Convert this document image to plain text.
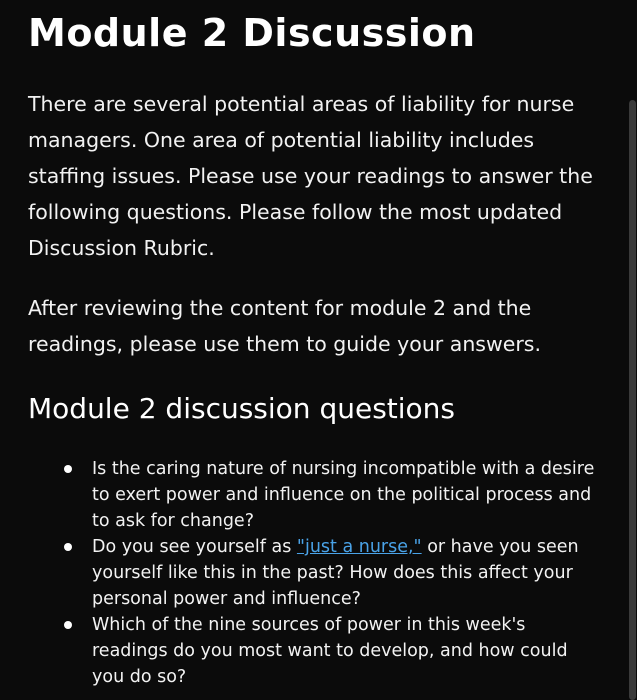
Module 2 Discussion

There are several potential areas of liability for nurse managers. One area of potential liability includes staffing issues. Please use your readings to answer the following questions. Please follow the most updated Discussion Rubric.

After reviewing the content for module 2 and the readings, please use them to guide your answers.

Module 2 discussion questions
Is the caring nature of nursing incompatible with a desire to exert power and influence on the political process and to ask for change?
Do you see yourself as "just a nurse," or have you seen yourself like this in the past? How does this affect your personal power and influence?
Which of the nine sources of power in this week's readings do you most want to develop, and how could you do so?
